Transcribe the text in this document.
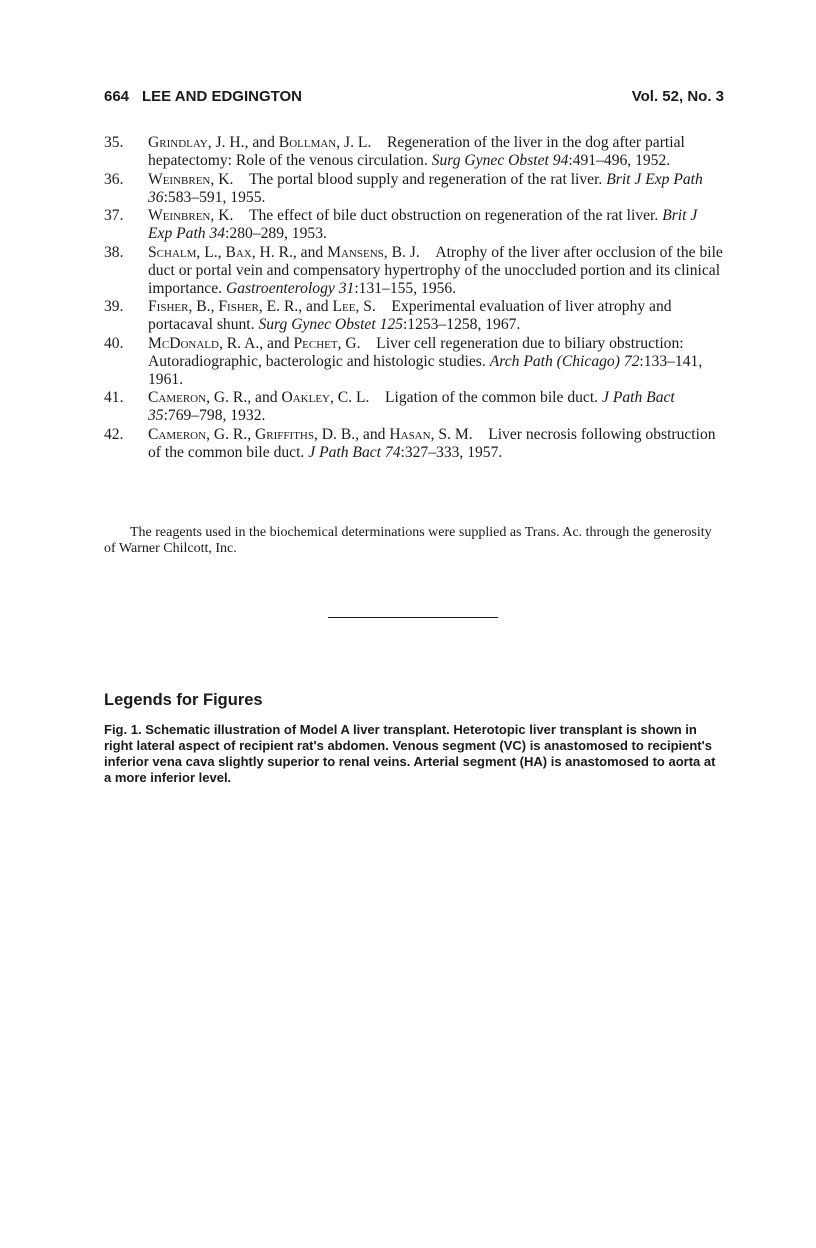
664 LEE AND EDGINGTON	Vol. 52, No. 3
35. Grindlay, J. H., and Bollman, J. L.  Regeneration of the liver in the dog after partial hepatectomy: Role of the venous circulation. Surg Gynec Obstet 94:491–496, 1952.
36. Weinbren, K.  The portal blood supply and regeneration of the rat liver. Brit J Exp Path 36:583–591, 1955.
37. Weinbren, K.  The effect of bile duct obstruction on regeneration of the rat liver. Brit J Exp Path 34:280–289, 1953.
38. Schalm, L., Bax, H. R., and Mansens, B. J.  Atrophy of the liver after occlusion of the bile duct or portal vein and compensatory hypertrophy of the unoccluded portion and its clinical importance. Gastroenterology 31:131–155, 1956.
39. Fisher, B., Fisher, E. R., and Lee, S.  Experimental evaluation of liver atrophy and portacaval shunt. Surg Gynec Obstet 125:1253–1258, 1967.
40. McDonald, R. A., and Pechet, G.  Liver cell regeneration due to biliary obstruction: Autoradiographic, bacterologic and histologic studies. Arch Path (Chicago) 72:133–141, 1961.
41. Cameron, G. R., and Oakley, C. L.  Ligation of the common bile duct. J Path Bact 35:769–798, 1932.
42. Cameron, G. R., Griffiths, D. B., and Hasan, S. M.  Liver necrosis following obstruction of the common bile duct. J Path Bact 74:327–333, 1957.

The reagents used in the biochemical determinations were supplied as Trans. Ac. through the generosity of Warner Chilcott, Inc.

Legends for Figures
Fig. 1. Schematic illustration of Model A liver transplant. Heterotopic liver transplant is shown in right lateral aspect of recipient rat's abdomen. Venous segment (VC) is anastomosed to recipient's inferior vena cava slightly superior to renal veins. Arterial segment (HA) is anastomosed to aorta at a more inferior level.
